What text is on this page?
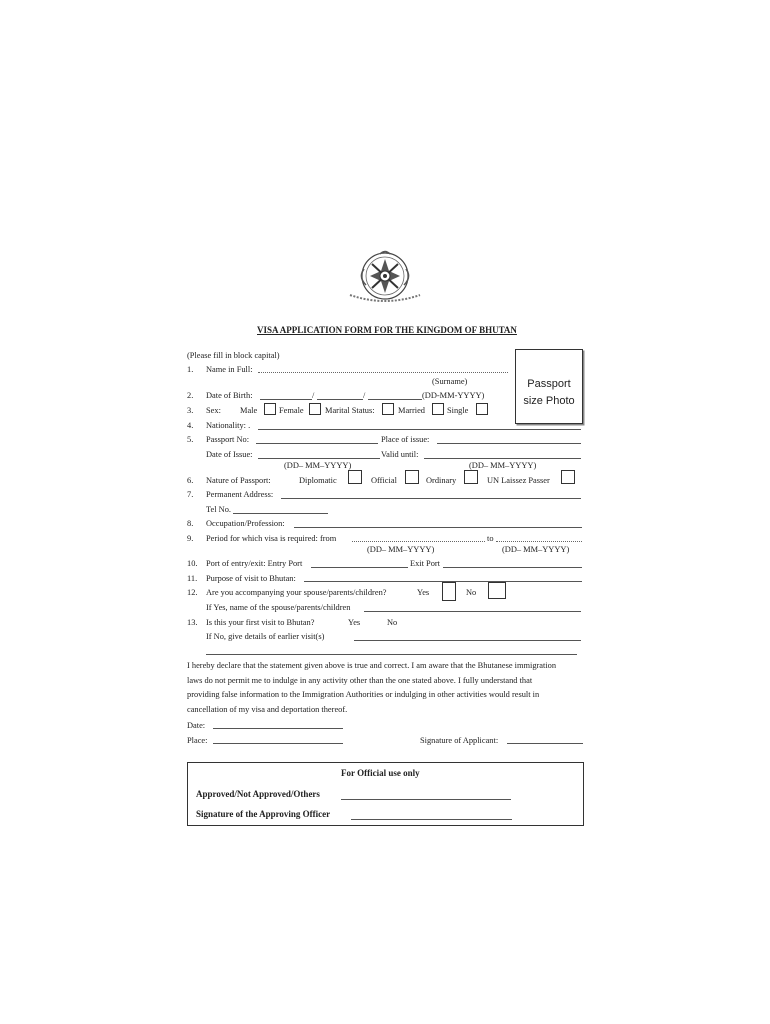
VISA APPLICATION FORM FOR THE KINGDOM OF BHUTAN
(Please fill in block capital)
Passport
size Photo
1. Name in Full:
(Surname)
2. Date of Birth:	/	/	(DD-MM-YYYY)
3. Sex: Male	Female	Marital Status:	Married	Single
4. Nationality: .
5. Passport No:	Place of issue:
Date of Issue:	Valid until:
(DD– MM–YYYY)	(DD– MM–YYYY)
6. Nature of Passport:	Diplomatic	Official	Ordinary	UN Laissez Passer
7. Permanent Address:
Tel No.
8. Occupation/Profession:
9. Period for which visa is required: from	to
(DD– MM–YYYY)	(DD– MM–YYYY)
10. Port of entry/exit: Entry Port	Exit Port
11. Purpose of visit to Bhutan:
12. Are you accompanying your spouse/parents/children?	Yes	No
If Yes, name of the spouse/parents/children
13. Is this your first visit to Bhutan?	Yes	No
If No, give details of earlier visit(s)
I hereby declare that the statement given above is true and correct. I am aware that the Bhutanese immigration
laws do not permit me to indulge in any activity other than the one stated above. I fully understand that
providing false information to the Immigration Authorities or indulging in other activities would result in
cancellation of my visa and deportation thereof.
Date:
Place:	Signature of Applicant:
For Official use only
Approved/Not Approved/Others
Signature of the Approving Officer
